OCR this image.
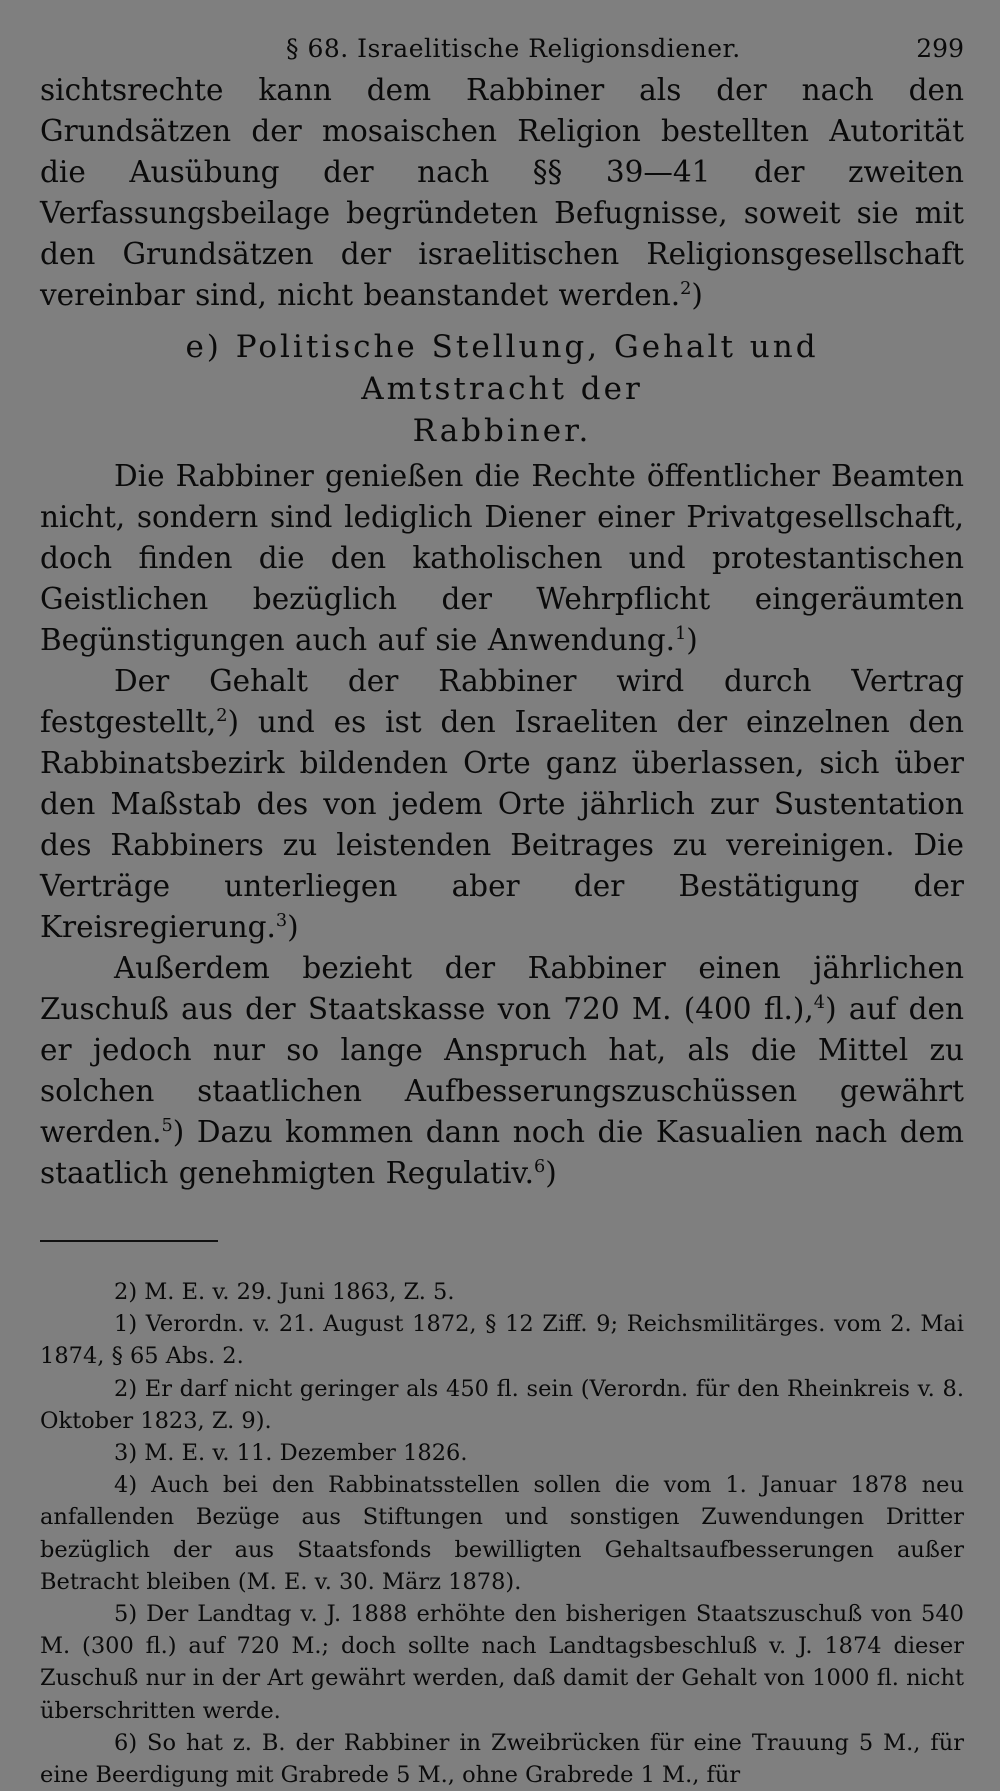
§ 68. Israelitische Religionsdiener.	299

sichtsrechte kann dem Rabbiner als der nach den Grundsätzen der mosaischen Religion bestellten Autorität die Ausübung der nach §§ 39—41 der zweiten Verfassungsbeilage begründeten Befugnisse, soweit sie mit den Grundsätzen der israelitischen Religionsgesellschaft vereinbar sind, nicht beanstandet werden.$^2$)

e) Politische Stellung, Gehalt und Amtstracht der
Rabbiner.

Die Rabbiner genießen die Rechte öffentlicher Beamten nicht, sondern sind lediglich Diener einer Privatgesellschaft, doch finden die den katholischen und protestantischen Geistlichen bezüglich der Wehrpflicht eingeräumten Begünstigungen auch auf sie Anwendung.$^1$)

Der Gehalt der Rabbiner wird durch Vertrag festgestellt,$^2$) und es ist den Israeliten der einzelnen den Rabbinatsbezirk bildenden Orte ganz überlassen, sich über den Maßstab des von jedem Orte jährlich zur Sustentation des Rabbiners zu leistenden Beitrages zu vereinigen. Die Verträge unterliegen aber der Bestätigung der Kreisregierung.$^3$)

Außerdem bezieht der Rabbiner einen jährlichen Zuschuß aus der Staatskasse von 720 M. (400 fl.),$^4$) auf den er jedoch nur so lange Anspruch hat, als die Mittel zu solchen staatlichen Aufbesserungszuschüssen gewährt werden.$^5$) Dazu kommen dann noch die Kasualien nach dem staatlich genehmigten Regulativ.$^6$)

2) M. E. v. 29. Juni 1863, Z. 5.

1) Verordn. v. 21. August 1872, § 12 Ziff. 9; Reichsmilitärges. vom 2. Mai 1874, § 65 Abs. 2.

2) Er darf nicht geringer als 450 fl. sein (Verordn. für den Rheinkreis v. 8. Oktober 1823, Z. 9).

3) M. E. v. 11. Dezember 1826.

4) Auch bei den Rabbinatsstellen sollen die vom 1. Januar 1878 neu anfallenden Bezüge aus Stiftungen und sonstigen Zuwendungen Dritter bezüglich der aus Staatsfonds bewilligten Gehaltsaufbesserungen außer Betracht bleiben (M. E. v. 30. März 1878).

5) Der Landtag v. J. 1888 erhöhte den bisherigen Staatszuschuß von 540 M. (300 fl.) auf 720 M.; doch sollte nach Landtagsbeschluß v. J. 1874 dieser Zuschuß nur in der Art gewährt werden, daß damit der Gehalt von 1000 fl. nicht überschritten werde.

6) So hat z. B. der Rabbiner in Zweibrücken für eine Trauung 5 M., für eine Beerdigung mit Grabrede 5 M., ohne Grabrede 1 M., für
